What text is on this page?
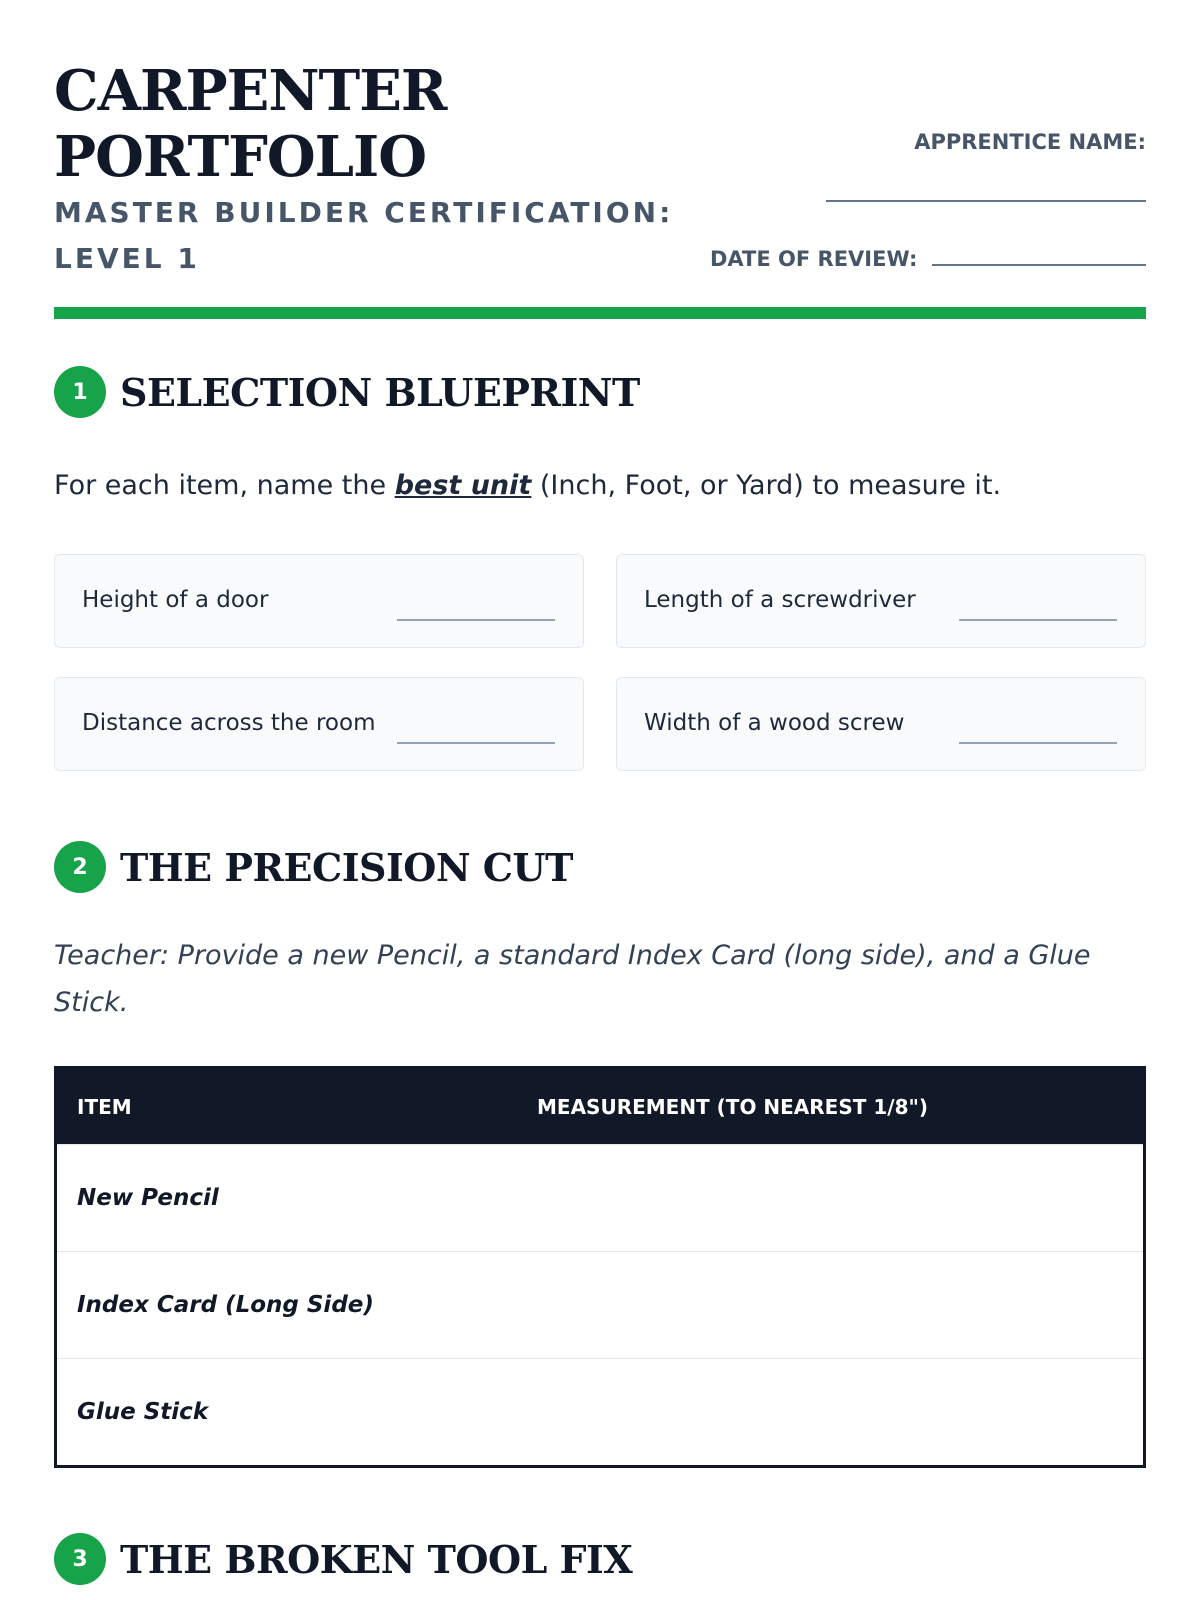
CARPENTER
PORTFOLIO
MASTER BUILDER CERTIFICATION:
LEVEL 1
APPRENTICE NAME:
DATE OF REVIEW:
1 SELECTION BLUEPRINT
For each item, name the best unit (Inch, Foot, or Yard) to measure it.
Height of a door	Length of a screwdriver
Distance across the room	Width of a wood screw
2 THE PRECISION CUT
Teacher: Provide a new Pencil, a standard Index Card (long side), and a Glue Stick.
ITEM	MEASUREMENT (TO NEAREST 1/8")
New Pencil
Index Card (Long Side)
Glue Stick
3 THE BROKEN TOOL FIX
